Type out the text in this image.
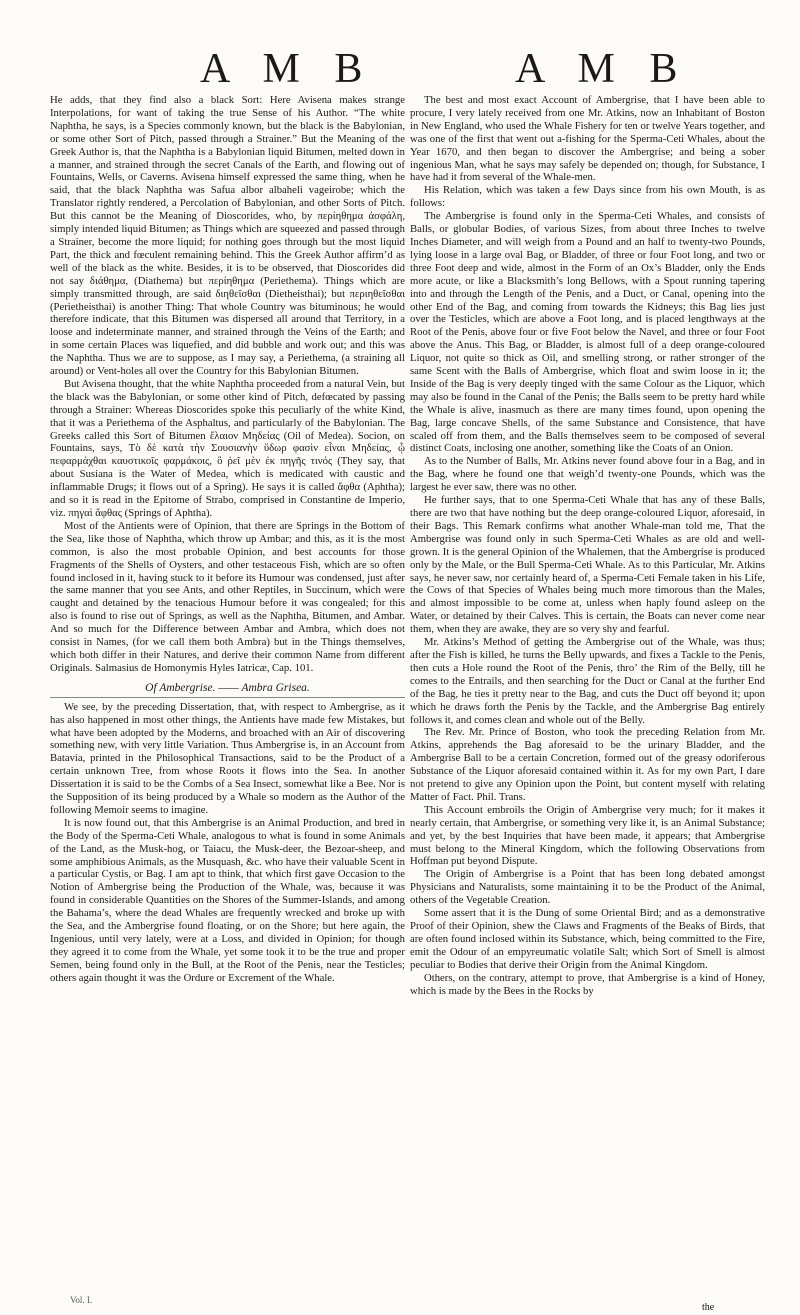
A M B	A M B

He adds, that they find also a black Sort: Here Avisena makes strange Interpolations, for want of taking the true Sense of his Author. “The white Naphtha, he says, is a Species commonly known, but the black is the Babylonian, or some other Sort of Pitch, passed through a Strainer.” But the Meaning of the Greek Author is, that the Naphtha is a Babylonian liquid Bitumen, melted down in a manner, and strained through the secret Canals of the Earth, and flowing out of Fountains, Wells, or Caverns. Avisena himself expressed the same thing, when he said, that the black Naphtha was Safua albor albaheli vageirobe; which the Translator rightly rendered, a Percolation of Babylonian, and other Sorts of Pitch. But this cannot be the Meaning of Dioscorides, who, by περίηθημα ἀσφάλη, simply intended liquid Bitumen; as Things which are squeezed and passed through a Strainer, become the more liquid; for nothing goes through but the most liquid Part, the thick and fœculent remaining behind. This the Greek Author affirm’d as well of the black as the white. Besides, it is to be observed, that Dioscorides did not say διάθημα, (Diathema) but περίηθημα (Periethema). Things which are simply transmitted through, are said διηθεῖσθαι (Diethеisthai); but περιηθεῖσθαι (Periethеisthai) is another Thing: That whole Country was bituminous; he would therefore indicate, that this Bitumen was dispersed all around that Territory, in a loose and indeterminate manner, and strained through the Veins of the Earth; and in some certain Places was liquefied, and did bubble and work out; and this was the Naphtha. Thus we are to suppose, as I may say, a Periethema, (a straining all around) or Vent-holes all over the Country for this Babylonian Bitumen.

But Avisena thought, that the white Naphtha proceeded from a natural Vein, but the black was the Babylonian, or some other kind of Pitch, defœcated by passing through a Strainer: Whereas Dioscorides spoke this peculiarly of the white Kind, that it was a Periethema of the Asphaltus, and particularly of the Babylonian. The Greeks called this Sort of Bitumen ἔλαιον Μηδείας (Oil of Medea). Socion, on Fountains, says, Τὸ δὲ κατὰ τὴν Σουσιανὴν ὕδωρ φασὶν εἶναι Μηδείας, ᾧ πεφαρμάχθαι καυστικοῖς φαρμάκοις, ὃ ῥεῖ μὲν ἐκ πηγῆς τινός (They say, that about Susiana is the Water of Medea, which is medicated with caustic and inflammable Drugs; it flows out of a Spring). He says it is called ἄφθα (Aphtha); and so it is read in the Epitome of Strabo, comprised in Constantine de Imperio, viz. πηγαὶ ἄφθας (Springs of Aphtha).

Most of the Antients were of Opinion, that there are Springs in the Bottom of the Sea, like those of Naphtha, which throw up Ambar; and this, as it is the most common, is also the most probable Opinion, and best accounts for those Fragments of the Shells of Oysters, and other testaceous Fish, which are so often found inclosed in it, having stuck to it before its Humour was condensed, just after the same manner that you see Ants, and other Reptiles, in Succinum, which were caught and detained by the tenacious Humour before it was congealed; for this also is found to rise out of Springs, as well as the Naphtha, Bitumen, and Ambar. And so much for the Difference between Ambar and Ambra, which does not consist in Names, (for we call them both Ambra) but in the Things themselves, which both differ in their Natures, and derive their common Name from different Originals. Salmasius de Homonymis Hyles Iatricæ, Cap. 101.

Of Ambergrise. —— Ambra Grisea.

We see, by the preceding Dissertation, that, with respect to Ambergrise, as it has also happened in most other things, the Antients have made few Mistakes, but what have been adopted by the Moderns, and broached with an Air of discovering something new, with very little Variation. Thus Ambergrise is, in an Account from Batavia, printed in the Philosophical Transactions, said to be the Product of a certain unknown Tree, from whose Roots it flows into the Sea. In another Dissertation it is said to be the Combs of a Sea Insect, somewhat like a Bee. Nor is the Supposition of its being produced by a Whale so modern as the Author of the following Memoir seems to imagine.

It is now found out, that this Ambergrise is an Animal Production, and bred in the Body of the Sperma-Ceti Whale, analogous to what is found in some Animals of the Land, as the Musk-hog, or Taiacu, the Musk-deer, the Bezoar-sheep, and some amphibious Animals, as the Musquash, &c. who have their valuable Scent in a particular Cystis, or Bag. I am apt to think, that which first gave Occasion to the Notion of Ambergrise being the Production of the Whale, was, because it was found in considerable Quantities on the Shores of the Summer-Islands, and among the Bahama’s, where the dead Whales are frequently wrecked and broke up with the Sea, and the Ambergrise found floating, or on the Shore; but here again, the Ingenious, until very lately, were at a Loss, and divided in Opinion; for though they agreed it to come from the Whale, yet some took it to be the true and proper Semen, being found only in the Bull, at the Root of the Penis, near the Testicles; others again thought it was the Ordure or Excrement of the Whale.

The best and most exact Account of Ambergrise, that I have been able to procure, I very lately received from one Mr. Atkins, now an Inhabitant of Boston in New England, who used the Whale Fishery for ten or twelve Years together, and was one of the first that went out a-fishing for the Sperma-Ceti Whales, about the Year 1670, and then began to discover the Ambergrise; and being a sober ingenious Man, what he says may safely be depended on; though, for Substance, I have had it from several of the Whale-men.

His Relation, which was taken a few Days since from his own Mouth, is as follows:

The Ambergrise is found only in the Sperma-Ceti Whales, and consists of Balls, or globular Bodies, of various Sizes, from about three Inches to twelve Inches Diameter, and will weigh from a Pound and an half to twenty-two Pounds, lying loose in a large oval Bag, or Bladder, of three or four Foot long, and two or three Foot deep and wide, almost in the Form of an Ox’s Bladder, only the Ends more acute, or like a Blacksmith’s long Bellows, with a Spout running tapering into and through the Length of the Penis, and a Duct, or Canal, opening into the other End of the Bag, and coming from towards the Kidneys; this Bag lies just over the Testicles, which are above a Foot long, and is placed lengthways at the Root of the Penis, above four or five Foot below the Navel, and three or four Foot above the Anus. This Bag, or Bladder, is almost full of a deep orange-coloured Liquor, not quite so thick as Oil, and smelling strong, or rather stronger of the same Scent with the Balls of Ambergrise, which float and swim loose in it; the Inside of the Bag is very deeply tinged with the same Colour as the Liquor, which may also be found in the Canal of the Penis; the Balls seem to be pretty hard while the Whale is alive, inasmuch as there are many times found, upon opening the Bag, large concave Shells, of the same Substance and Consistence, that have scaled off from them, and the Balls themselves seem to be composed of several distinct Coats, inclosing one another, something like the Coats of an Onion.

As to the Number of Balls, Mr. Atkins never found above four in a Bag, and in the Bag, where he found one that weigh’d twenty-one Pounds, which was the largest he ever saw, there was no other.

He further says, that to one Sperma-Ceti Whale that has any of these Balls, there are two that have nothing but the deep orange-coloured Liquor, aforesaid, in their Bags. This Remark confirms what another Whale-man told me, That the Ambergrise was found only in such Sperma-Ceti Whales as are old and well-grown. It is the general Opinion of the Whalemen, that the Ambergrise is produced only by the Male, or the Bull Sperma-Ceti Whale. As to this Particular, Mr. Atkins says, he never saw, nor certainly heard of, a Sperma-Ceti Female taken in his Life, the Cows of that Species of Whales being much more timorous than the Males, and almost impossible to be come at, unless when haply found asleep on the Water, or detained by their Calves. This is certain, the Boats can never come near them, when they are awake, they are so very shy and fearful.

Mr. Atkins’s Method of getting the Ambergrise out of the Whale, was thus; after the Fish is killed, he turns the Belly upwards, and fixes a Tackle to the Penis, then cuts a Hole round the Root of the Penis, thro’ the Rim of the Belly, till he comes to the Entrails, and then searching for the Duct or Canal at the further End of the Bag, he ties it pretty near to the Bag, and cuts the Duct off beyond it; upon which he draws forth the Penis by the Tackle, and the Ambergrise Bag entirely follows it, and comes clean and whole out of the Belly.

The Rev. Mr. Prince of Boston, who took the preceding Relation from Mr. Atkins, apprehends the Bag aforesaid to be the urinary Bladder, and the Ambergrise Ball to be a certain Concretion, formed out of the greasy odoriferous Substance of the Liquor aforesaid contained within it. As for my own Part, I dare not pretend to give any Opinion upon the Point, but content myself with relating Matter of Fact. Phil. Trans.

This Account embroils the Origin of Ambergrise very much; for it makes it nearly certain, that Ambergrise, or something very like it, is an Animal Substance; and yet, by the best Inquiries that have been made, it appears; that Ambergrise must belong to the Mineral Kingdom, which the following Observations from Hoffman put beyond Dispute.

The Origin of Ambergrise is a Point that has been long debated amongst Physicians and Naturalists, some maintaining it to be the Product of the Animal, others of the Vegetable Creation.

Some assert that it is the Dung of some Oriental Bird; and as a demonstrative Proof of their Opinion, shew the Claws and Fragments of the Beaks of Birds, that are often found inclosed within its Substance, which, being committed to the Fire, emit the Odour of an empyreumatic volatile Salt; which Sort of Smell is almost peculiar to Bodies that derive their Origin from the Animal Kingdom.

Others, on the contrary, attempt to prove, that Ambergrise is a kind of Honey, which is made by the Bees in the Rocks by

Vol. I.
the
